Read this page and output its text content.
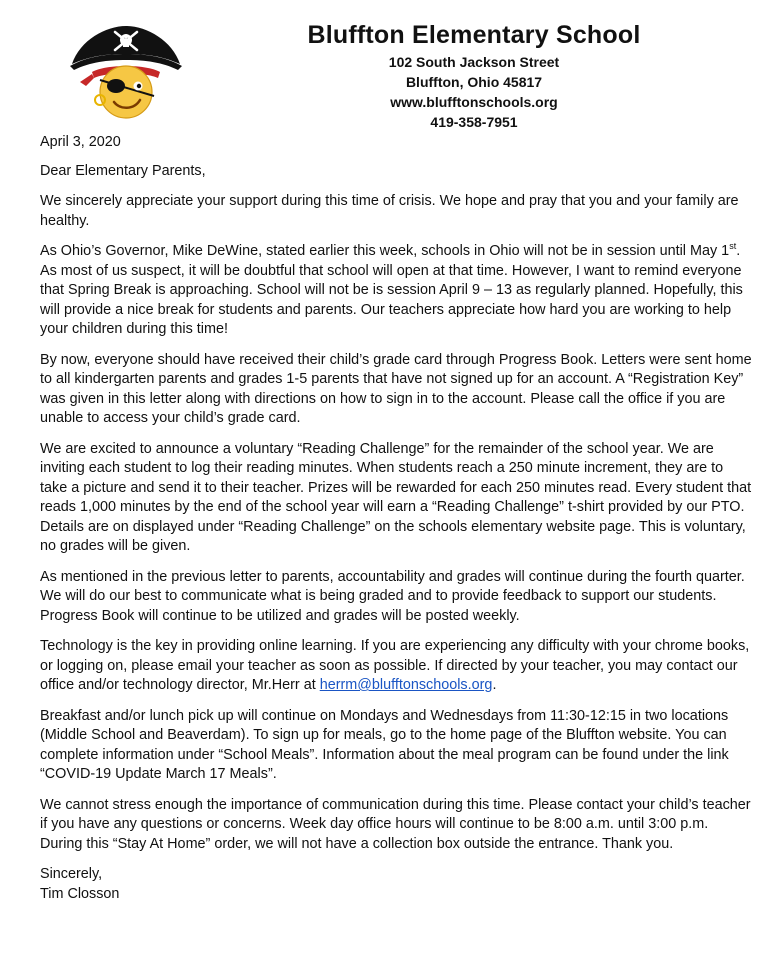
Bluffton Elementary School

102 South Jackson Street

Bluffton, Ohio 45817

www.blufftonschools.org

419-358-7951

April 3, 2020

Dear Elementary Parents,

We sincerely appreciate your support during this time of crisis. We hope and pray that you and your family are healthy.

As Ohio’s Governor, Mike DeWine, stated earlier this week, schools in Ohio will not be in session until May 1st. As most of us suspect, it will be doubtful that school will open at that time. However, I want to remind everyone that Spring Break is approaching. School will not be is session April 9 – 13 as regularly planned. Hopefully, this will provide a nice break for students and parents. Our teachers appreciate how hard you are working to help your children during this time!

By now, everyone should have received their child’s grade card through Progress Book. Letters were sent home to all kindergarten parents and grades 1-5 parents that have not signed up for an account. A “Registration Key” was given in this letter along with directions on how to sign in to the account. Please call the office if you are unable to access your child’s grade card.

We are excited to announce a voluntary “Reading Challenge” for the remainder of the school year. We are inviting each student to log their reading minutes. When students reach a 250 minute increment, they are to take a picture and send it to their teacher. Prizes will be rewarded for each 250 minutes read. Every student that reads 1,000 minutes by the end of the school year will earn a “Reading Challenge” t-shirt provided by our PTO. Details are on displayed under “Reading Challenge” on the schools elementary website page. This is voluntary, no grades will be given.

As mentioned in the previous letter to parents, accountability and grades will continue during the fourth quarter. We will do our best to communicate what is being graded and to provide feedback to support our students. Progress Book will continue to be utilized and grades will be posted weekly.

Technology is the key in providing online learning. If you are experiencing any difficulty with your chrome books, or logging on, please email your teacher as soon as possible. If directed by your teacher, you may contact our office and/or technology director, Mr.Herr at herrm@blufftonschools.org.

Breakfast and/or lunch pick up will continue on Mondays and Wednesdays from 11:30-12:15 in two locations (Middle School and Beaverdam). To sign up for meals, go to the home page of the Bluffton website. You can complete information under “School Meals”. Information about the meal program can be found under the link “COVID-19 Update March 17 Meals”.

We cannot stress enough the importance of communication during this time. Please contact your child’s teacher if you have any questions or concerns. Week day office hours will continue to be 8:00 a.m. until 3:00 p.m. During this “Stay At Home” order, we will not have a collection box outside the entrance. Thank you.

Sincerely,
Tim Closson
